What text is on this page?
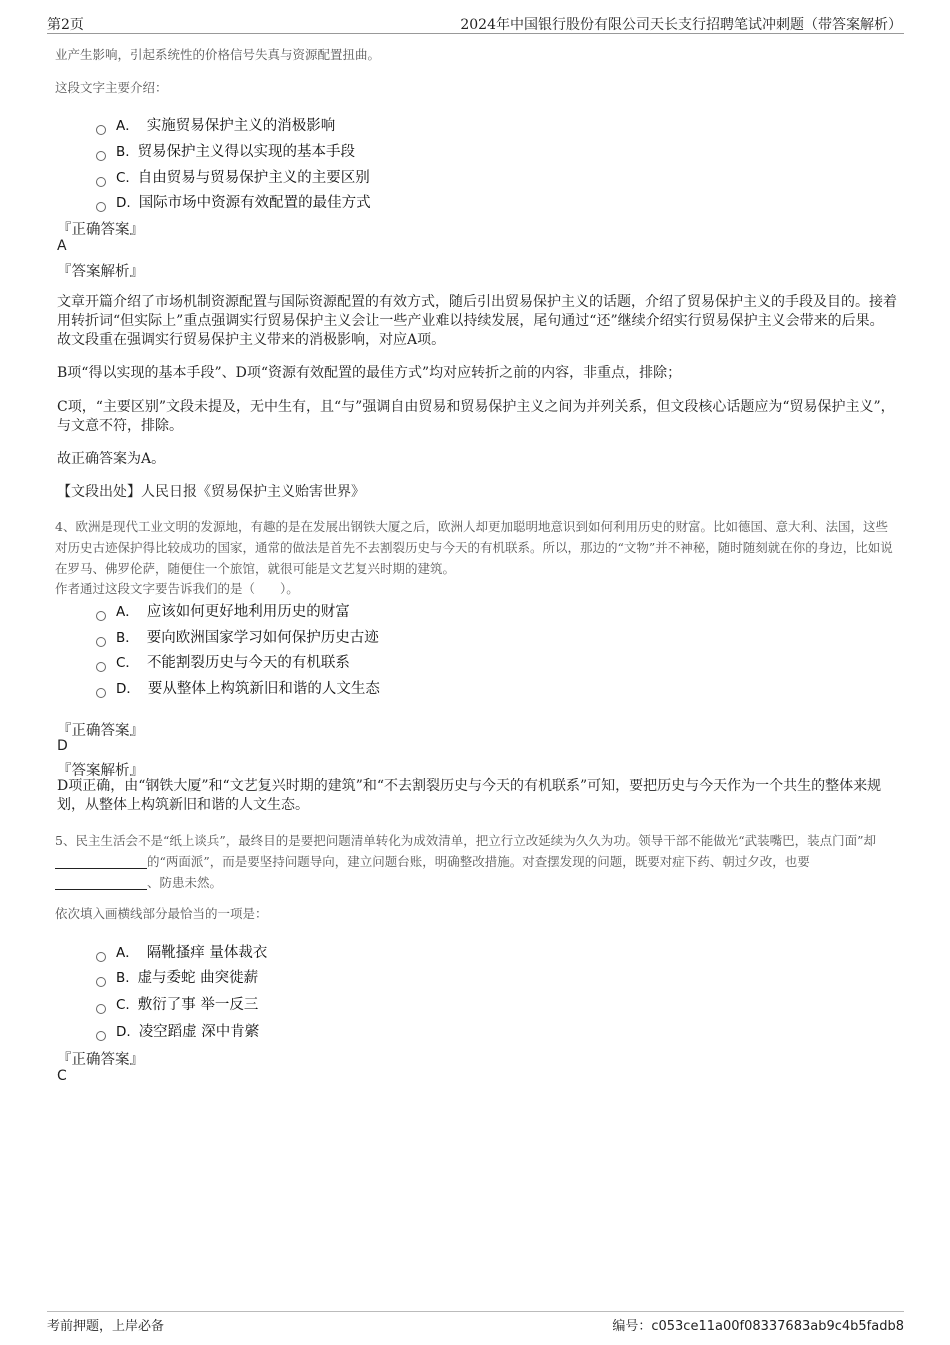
第2页	2024年中国银行股份有限公司天长支行招聘笔试冲刺题（带答案解析）
业产生影响，引起系统性的价格信号失真与资源配置扭曲。
这段文字主要介绍：
A． 实施贸易保护主义的消极影响
B. 贸易保护主义得以实现的基本手段
C. 自由贸易与贸易保护主义的主要区别
D. 国际市场中资源有效配置的最佳方式
『正确答案』
A
『答案解析』
文章开篇介绍了市场机制资源配置与国际资源配置的有效方式，随后引出贸易保护主义的话题，介绍了贸易保护主义的手段及目的。接着用转折词“但实际上”重点强调实行贸易保护主义会让一些产业难以持续发展，尾句通过“还”继续介绍实行贸易保护主义会带来的后果。故文段重在强调实行贸易保护主义带来的消极影响，对应A项。
B项“得以实现的基本手段”、D项“资源有效配置的最佳方式”均对应转折之前的内容，非重点，排除；
C项，“主要区别”文段未提及，无中生有，且“与”强调自由贸易和贸易保护主义之间为并列关系，但文段核心话题应为“贸易保护主义”，与文意不符，排除。
故正确答案为A。
【文段出处】人民日报《贸易保护主义贻害世界》
4、欧洲是现代工业文明的发源地，有趣的是在发展出钢铁大厦之后，欧洲人却更加聪明地意识到如何利用历史的财富。比如德国、意大利、法国，这些对历史古迹保护得比较成功的国家，通常的做法是首先不去割裂历史与今天的有机联系。所以，那边的“文物”并不神秘，随时随刻就在你的身边，比如说在罗马、佛罗伦萨，随便住一个旅馆，就很可能是文艺复兴时期的建筑。
作者通过这段文字要告诉我们的是（　　）。
A． 应该如何更好地利用历史的财富
B． 要向欧洲国家学习如何保护历史古迹
C． 不能割裂历史与今天的有机联系
D． 要从整体上构筑新旧和谐的人文生态
『正确答案』
D
『答案解析』
D项正确，由“钢铁大厦”和“文艺复兴时期的建筑”和“不去割裂历史与今天的有机联系”可知，要把历史与今天作为一个共生的整体来规划，从整体上构筑新旧和谐的人文生态。
5、民主生活会不是“纸上谈兵”，最终目的是要把问题清单转化为成效清单，把立行立改延续为久久为功。领导干部不能做光“武装嘴巴，装点门面”却的“两面派”，而是要坚持问题导向，建立问题台账，明确整改措施。对查摆发现的问题，既要对症下药、朝过夕改，也要、防患未然。
依次填入画横线部分最恰当的一项是：
A． 隔靴搔痒 量体裁衣
B. 虚与委蛇 曲突徙薪
C. 敷衍了事 举一反三
D. 凌空蹈虚 深中肯綮
『正确答案』
C
考前押题，上岸必备	编号：c053ce11a00f08337683ab9c4b5fadb8
